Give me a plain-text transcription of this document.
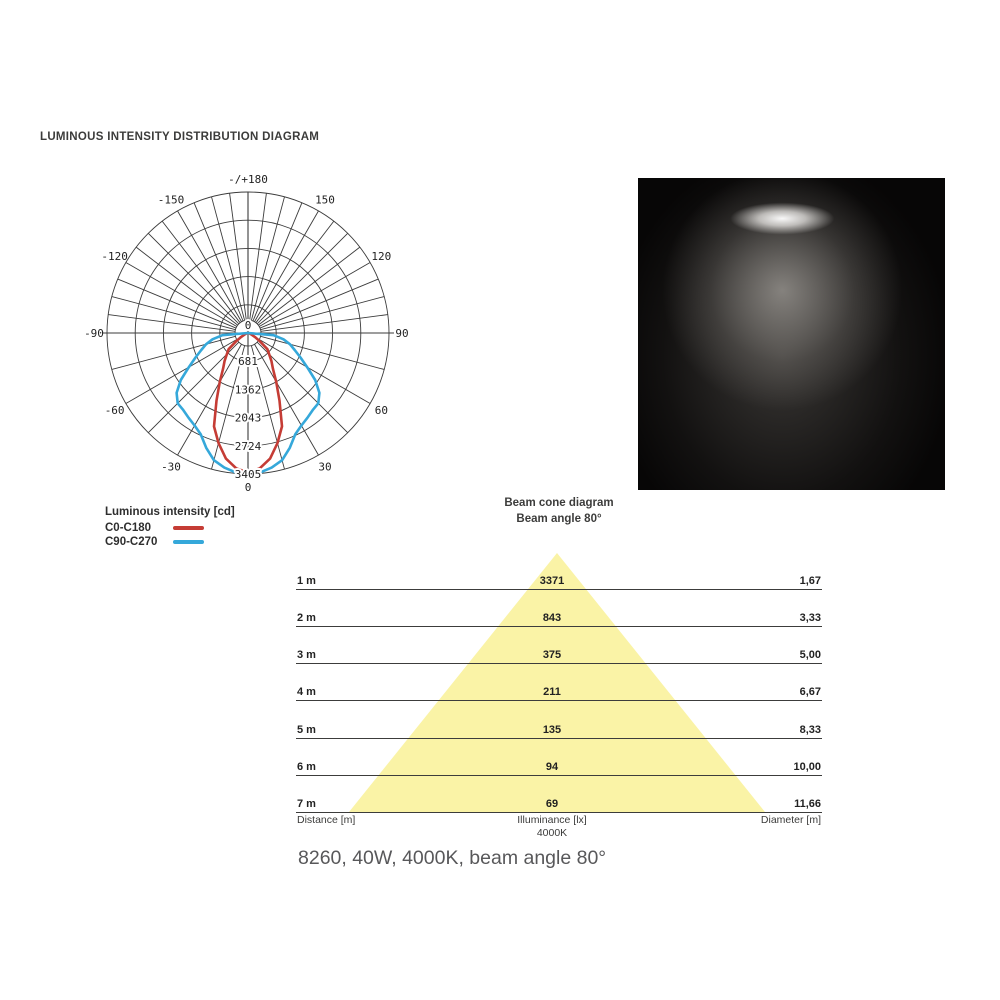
LUMINOUS INTENSITY DISTRIBUTION DIAGRAM
681
1362
2043
2724
3405
0
-/+180
-150	150
-120	120
-90	90
-60	60
-30	30
0
Luminous intensity [cd]
C0-C180
C90-C270
Beam cone diagram
Beam angle 80°
1 m	3371	1,67
2 m	843	3,33
3 m	375	5,00
4 m	211	6,67
5 m	135	8,33
6 m	94	10,00
7 m	69	11,66
Distance [m]	Illuminance [lx]
4000K
Diameter [m]
8260, 40W, 4000K, beam angle 80°
